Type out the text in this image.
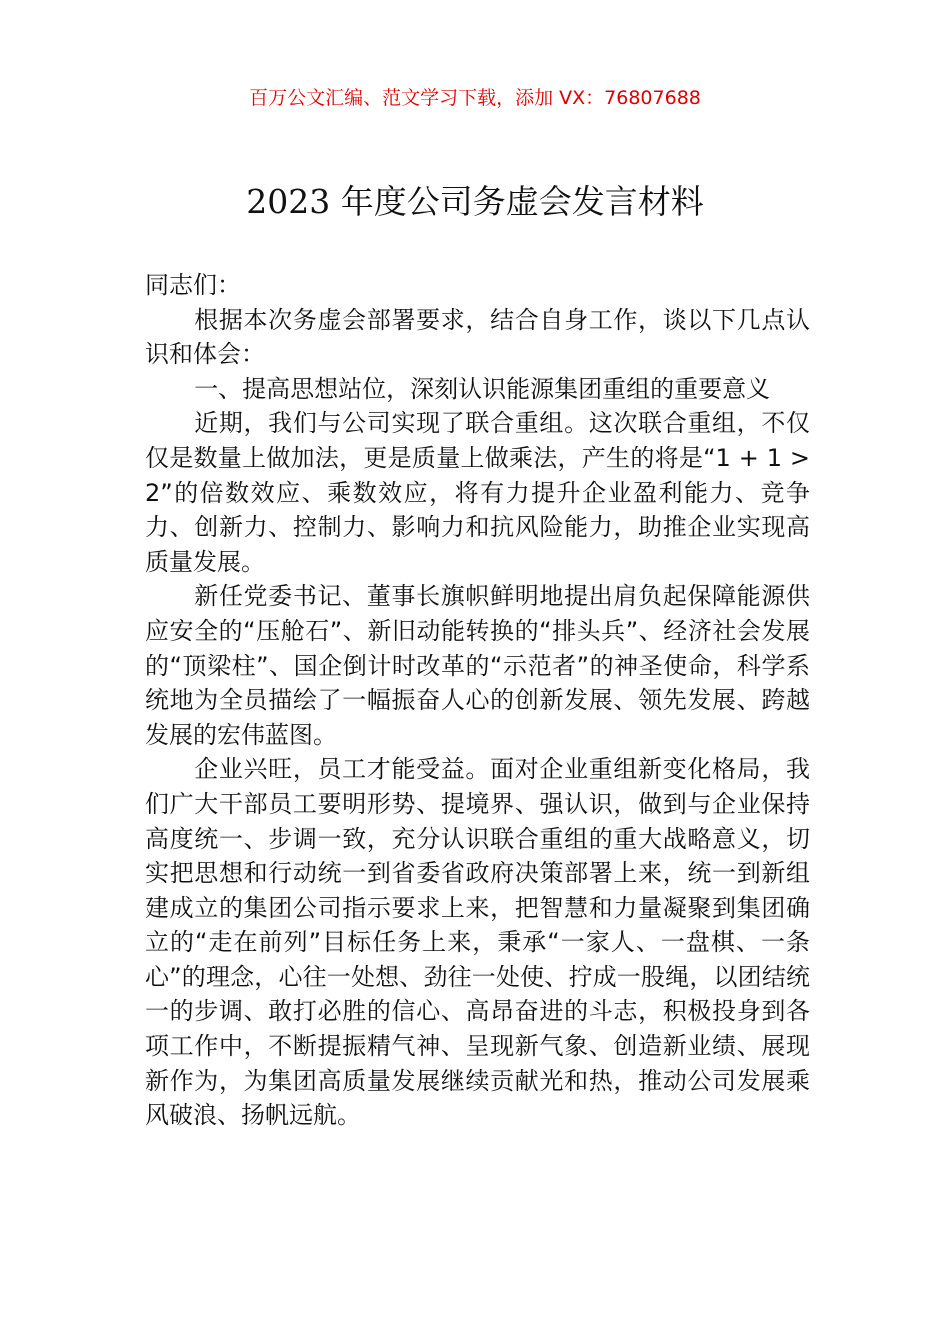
百万公文汇编、范文学习下载，添加 VX：76807688
2023 年度公司务虚会发言材料

同志们：

根据本次务虚会部署要求，结合自身工作，谈以下几点认识和体会：

一、提高思想站位，深刻认识能源集团重组的重要意义

近期，我们与公司实现了联合重组。这次联合重组，不仅仅是数量上做加法，更是质量上做乘法，产生的将是“1 + 1 > 2”的倍数效应、乘数效应，将有力提升企业盈利能力、竞争力、创新力、控制力、影响力和抗风险能力，助推企业实现高质量发展。

新任党委书记、董事长旗帜鲜明地提出肩负起保障能源供应安全的“压舱石”、新旧动能转换的“排头兵”、经济社会发展的“顶梁柱”、国企倒计时改革的“示范者”的神圣使命，科学系统地为全员描绘了一幅振奋人心的创新发展、领先发展、跨越发展的宏伟蓝图。

企业兴旺，员工才能受益。面对企业重组新变化格局，我们广大干部员工要明形势、提境界、强认识，做到与企业保持高度统一、步调一致，充分认识联合重组的重大战略意义，切实把思想和行动统一到省委省政府决策部署上来，统一到新组建成立的集团公司指示要求上来，把智慧和力量凝聚到集团确立的“走在前列”目标任务上来，秉承“一家人、一盘棋、一条心”的理念，心往一处想、劲往一处使、拧成一股绳，以团结统一的步调、敢打必胜的信心、高昂奋进的斗志，积极投身到各项工作中，不断提振精气神、呈现新气象、创造新业绩、展现新作为，为集团高质量发展继续贡献光和热，推动公司发展乘风破浪、扬帆远航。
